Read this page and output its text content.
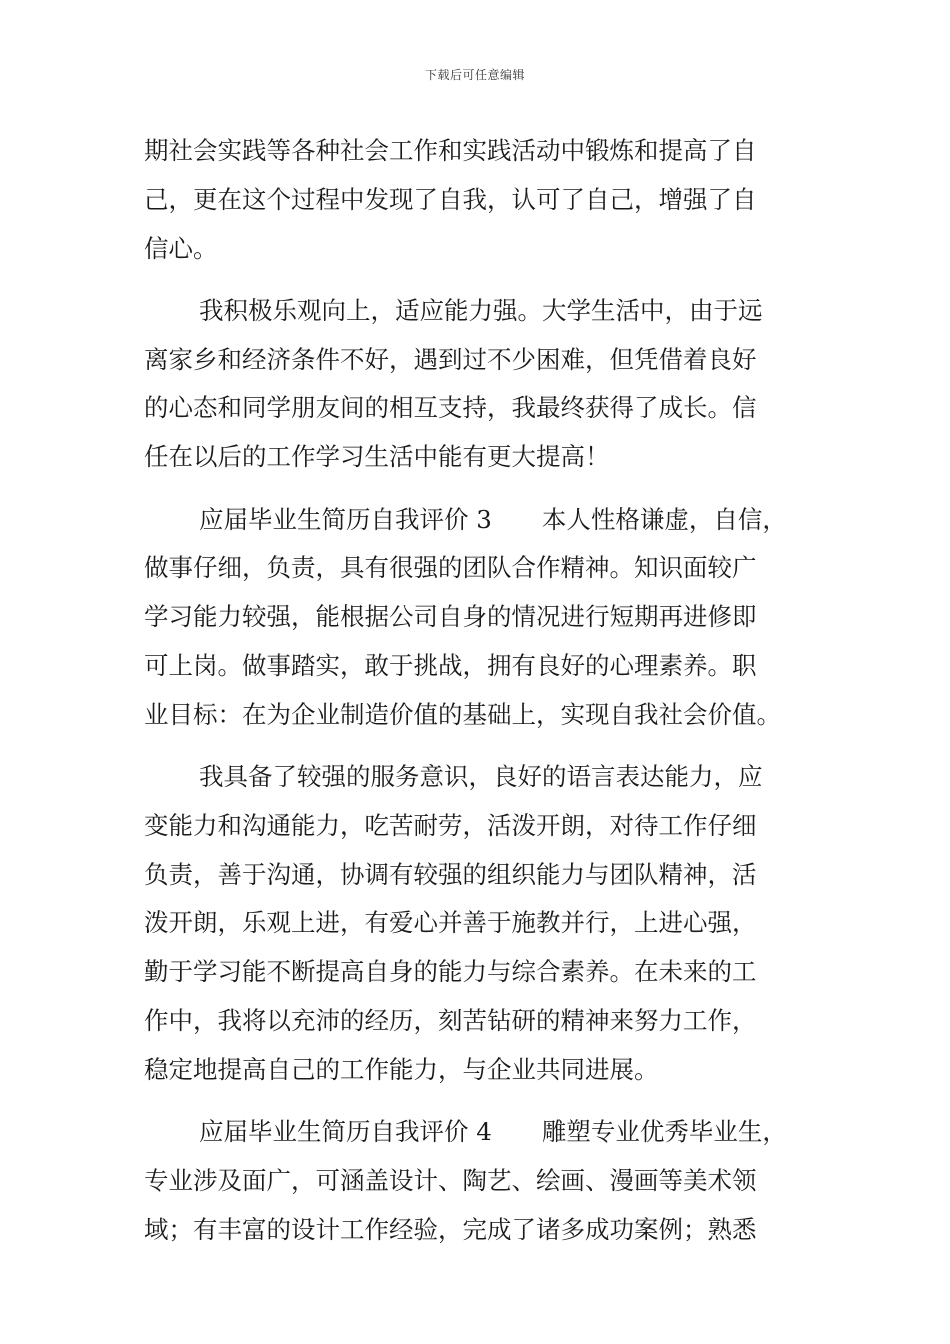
下载后可任意编辑
期社会实践等各种社会工作和实践活动中锻炼和提高了自
己，更在这个过程中发现了自我，认可了自己，增强了自
信心。
我积极乐观向上，适应能力强。大学生活中，由于远
离家乡和经济条件不好，遇到过不少困难，但凭借着良好
的心态和同学朋友间的相互支持，我最终获得了成长。信
任在以后的工作学习生活中能有更大提高！
应届毕业生简历自我评价 3 本人性格谦虚，自信，
做事仔细，负责，具有很强的团队合作精神。知识面较广
学习能力较强，能根据公司自身的情况进行短期再进修即
可上岗。做事踏实，敢于挑战，拥有良好的心理素养。职
业目标：在为企业制造价值的基础上，实现自我社会价值。
我具备了较强的服务意识，良好的语言表达能力，应
变能力和沟通能力，吃苦耐劳，活泼开朗，对待工作仔细
负责，善于沟通，协调有较强的组织能力与团队精神，活
泼开朗，乐观上进，有爱心并善于施教并行，上进心强，
勤于学习能不断提高自身的能力与综合素养。在未来的工
作中，我将以充沛的经历，刻苦钻研的精神来努力工作，
稳定地提高自己的工作能力，与企业共同进展。
应届毕业生简历自我评价 4 雕塑专业优秀毕业生，
专业涉及面广，可涵盖设计、陶艺、绘画、漫画等美术领
域；有丰富的设计工作经验，完成了诸多成功案例；熟悉
